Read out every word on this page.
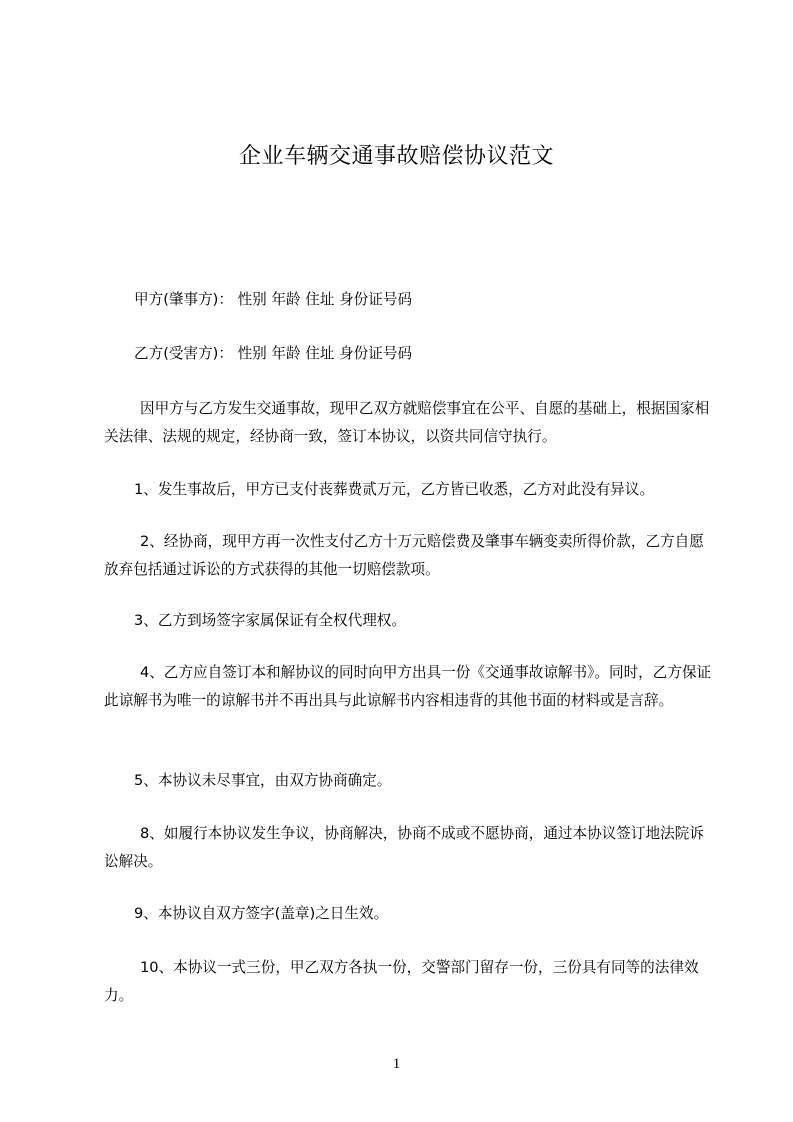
企业车辆交通事故赔偿协议范文

甲方(肇事方)： 性别 年龄 住址 身份证号码

乙方(受害方)： 性别 年龄 住址 身份证号码

因甲方与乙方发生交通事故，现甲乙双方就赔偿事宜在公平、自愿的基础上，根据国家相关法律、法规的规定，经协商一致，签订本协议，以资共同信守执行。

1、发生事故后，甲方已支付丧葬费贰万元，乙方皆已收悉，乙方对此没有异议。

2、经协商，现甲方再一次性支付乙方十万元赔偿费及肇事车辆变卖所得价款，乙方自愿放弃包括通过诉讼的方式获得的其他一切赔偿款项。

3、乙方到场签字家属保证有全权代理权。

4、乙方应自签订本和解协议的同时向甲方出具一份《交通事故谅解书》。同时，乙方保证此谅解书为唯一的谅解书并不再出具与此谅解书内容相违背的其他书面的材料或是言辞。

5、本协议未尽事宜，由双方协商确定。

8、如履行本协议发生争议，协商解决，协商不成或不愿协商，通过本协议签订地法院诉讼解决。

9、本协议自双方签字(盖章)之日生效。

10、本协议一式三份，甲乙双方各执一份，交警部门留存一份，三份具有同等的法律效力。

1
